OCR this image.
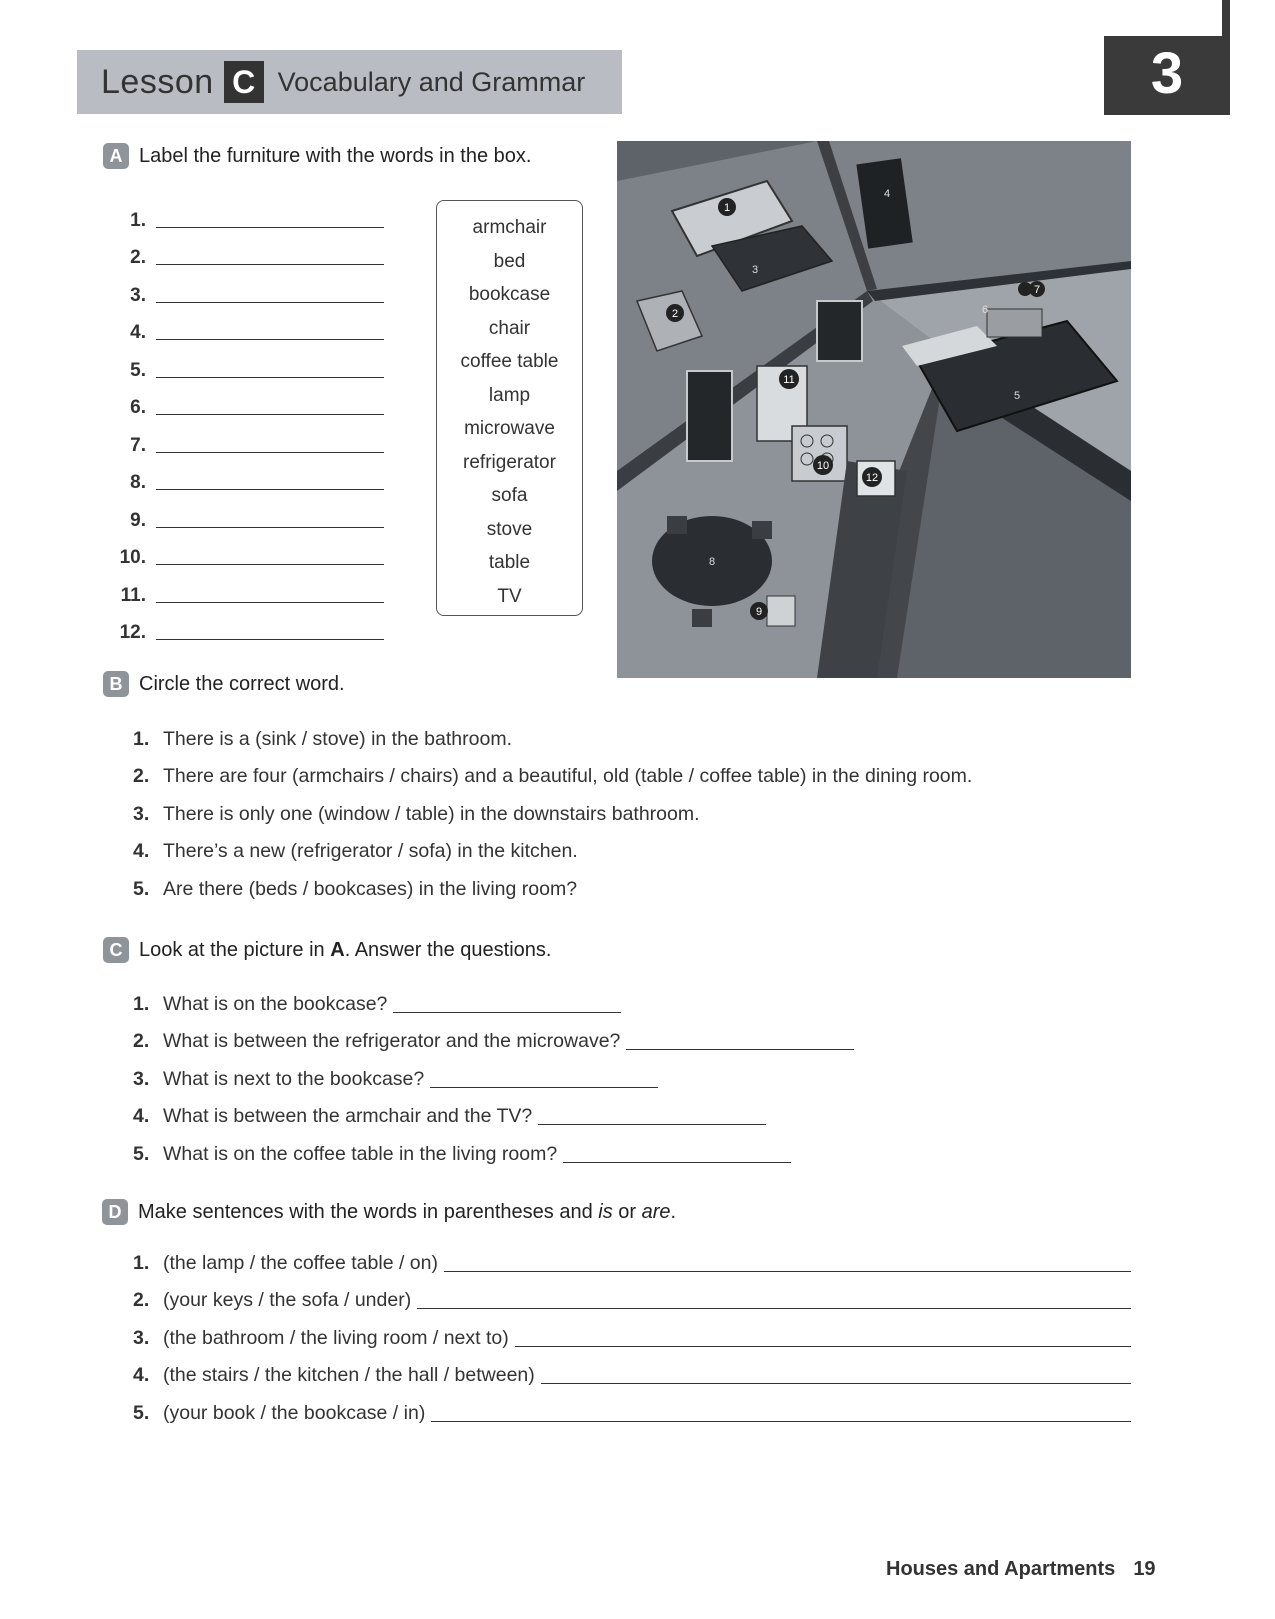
Lesson C Vocabulary and Grammar	3
A Label the furniture with the words in the box.
1.
2.
3.
4.
5.
6.
7.
8.
9.
10.
11.
12.
armchair
bed
bookcase
chair
coffee table
lamp
microwave
refrigerator
sofa
stove
table
TV
1
2
3
4
5
6
7
8
9
10
11
12
B Circle the correct word.
1. There is a (sink / stove) in the bathroom.
2. There are four (armchairs / chairs) and a beautiful, old (table / coffee table) in the dining room.
3. There is only one (window / table) in the downstairs bathroom.
4. There’s a new (refrigerator / sofa) in the kitchen.
5. Are there (beds / bookcases) in the living room?
C Look at the picture in A . Answer the questions.
1. What is on the bookcase?
2. What is between the refrigerator and the microwave?
3. What is next to the bookcase?
4. What is between the armchair and the TV?
5. What is on the coffee table in the living room?
D Make sentences with the words in parentheses and is or are .
1. (the lamp / the coffee table / on)
2. (your keys / the sofa / under)
3. (the bathroom / the living room / next to)
4. (the stairs / the kitchen / the hall / between)
5. (your book / the bookcase / in)
Houses and Apartments 19
